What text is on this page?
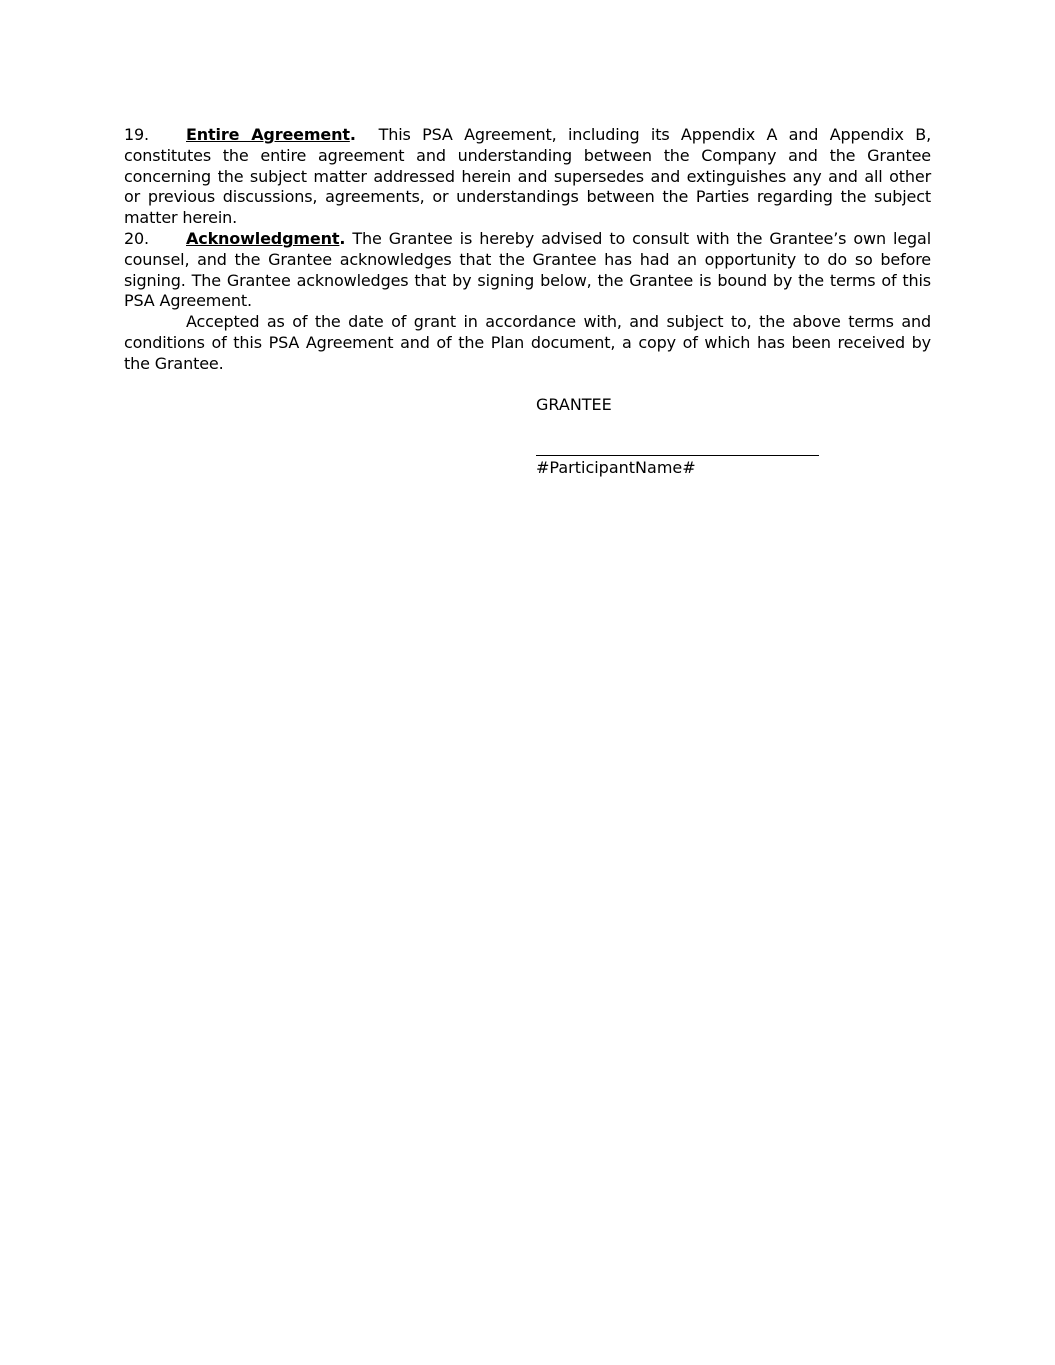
19. Entire Agreement. This PSA Agreement, including its Appendix A and Appendix B, constitutes the entire agreement and understanding between the Company and the Grantee concerning the subject matter addressed herein and supersedes and extinguishes any and all other or previous discussions, agreements, or understandings between the Parties regarding the subject matter herein.
20. Acknowledgment. The Grantee is hereby advised to consult with the Grantee’s own legal counsel, and the Grantee acknowledges that the Grantee has had an opportunity to do so before signing. The Grantee acknowledges that by signing below, the Grantee is bound by the terms of this PSA Agreement.
Accepted as of the date of grant in accordance with, and subject to, the above terms and conditions of this PSA Agreement and of the Plan document, a copy of which has been received by the Grantee.
GRANTEE
#ParticipantName#
